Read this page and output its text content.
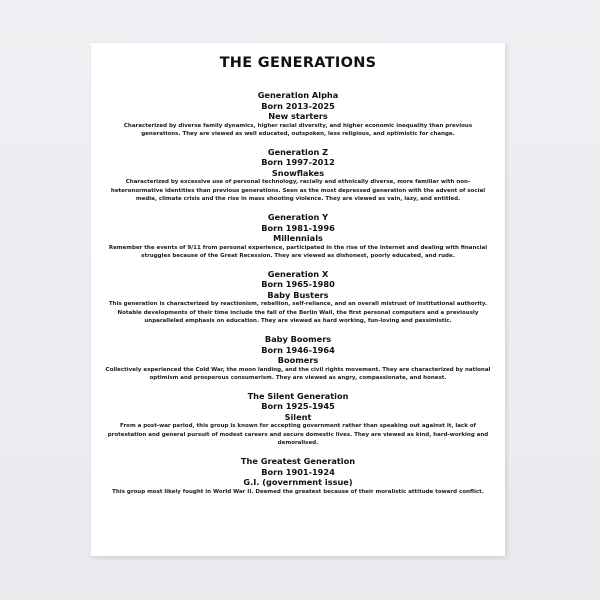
THE GENERATIONS
Generation Alpha
Born 2013-2025
New starters
Characterized by diverse family dynamics, higher racial diversity, and higher economic inequality than previous generations. They are viewed as well educated, outspoken, less religious, and optimistic for change.
Generation Z
Born 1997-2012
Snowflakes
Characterized by excessive use of personal technology, racially and ethnically diverse, more familiar with non-heteronormative identities than previous generations. Seen as the most depressed generation with the advent of social media, climate crisis and the rise in mass shooting violence. They are viewed as vain, lazy, and entitled.
Generation Y
Born 1981-1996
Millennials
Remember the events of 9/11 from personal experience, participated in the rise of the internet and dealing with financial struggles because of the Great Recession. They are viewed as dishonest, poorly educated, and rude.
Generation X
Born 1965-1980
Baby Busters
This generation is characterized by reactionism, rebellion, self-reliance, and an overall mistrust of institutional authority. Notable developments of their time include the fall of the Berlin Wall, the first personal computers and a previously unparalleled emphasis on education. They are viewed as hard working, fun-loving and pessimistic.
Baby Boomers
Born 1946-1964
Boomers
Collectively experienced the Cold War, the moon landing, and the civil rights movement. They are characterized by national optimism and prosperous consumerism. They are viewed as angry, compassionate, and honest.
The Silent Generation
Born 1925-1945
Silent
From a post-war period, this group is known for accepting government rather than speaking out against it, lack of protestation and general pursuit of modest careers and secure domestic lives. They are viewed as kind, hard-working and demoralised.
The Greatest Generation
Born 1901-1924
G.I. (government issue)
This group most likely fought in World War II. Deemed the greatest because of their moralistic attitude toward conflict.
